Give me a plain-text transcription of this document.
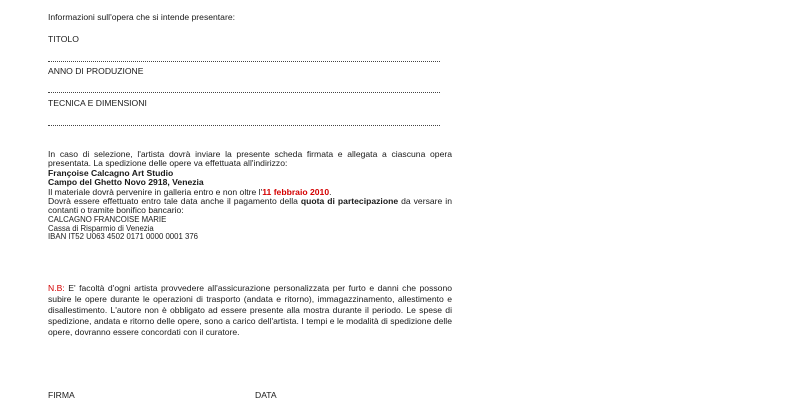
Informazioni sull'opera che si intende presentare:
TITOLO
ANNO DI PRODUZIONE
TECNICA E DIMENSIONI

In caso di selezione, l'artista dovrà inviare la presente scheda firmata e allegata a ciascuna opera presentata. La spedizione delle opere va effettuata all'indirizzo:

Françoise Calcagno Art Studio

Campo del Ghetto Novo 2918, Venezia

Il materiale dovrà pervenire in galleria entro e non oltre l'11 febbraio 2010.

Dovrà essere effettuato entro tale data anche il pagamento della quota di partecipazione da versare in contanti o tramite bonifico bancario:

CALCAGNO FRANCOISE MARIE

Cassa di Risparmio di Venezia

IBAN IT52 U063 4502 0171 0000 0001 376

N.B: E' facoltà d'ogni artista provvedere all'assicurazione personalizzata per furto e danni che possono subire le opere durante le operazioni di trasporto (andata e ritorno), immagazzinamento, allestimento e disallestimento. L'autore non è obbligato ad essere presente alla mostra durante il periodo. Le spese di spedizione, andata e ritorno delle opere, sono a carico dell'artista. I tempi e le modalità di spedizione delle opere, dovranno essere concordati con il curatore.

FIRMA	DATA
